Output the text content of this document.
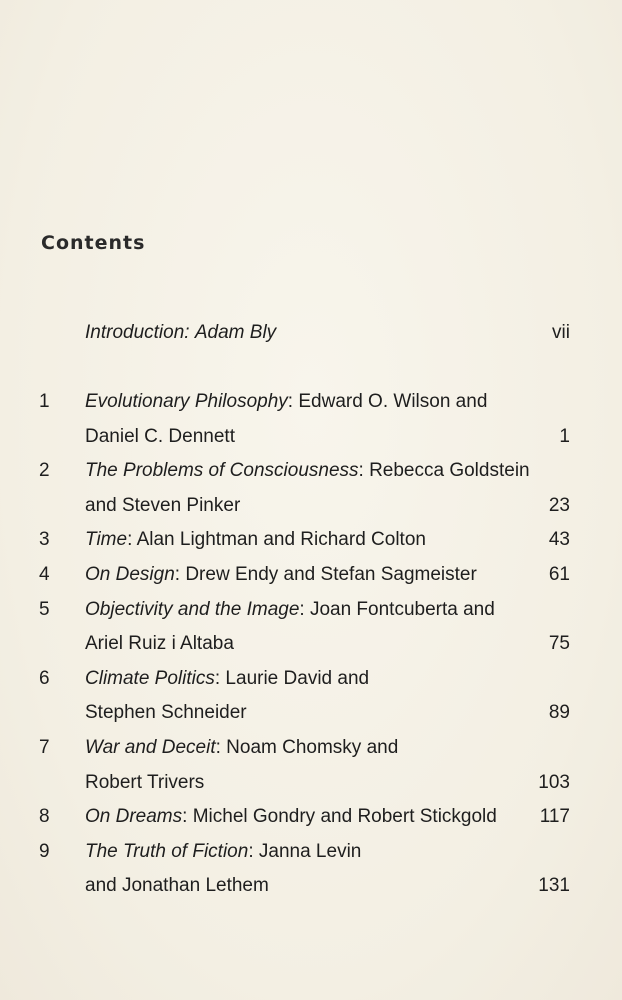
Contents
Introduction: Adam Bly	vii
1 Evolutionary Philosophy: Edward O. Wilson and
Daniel C. Dennett	1
2 The Problems of Consciousness: Rebecca Goldstein
and Steven Pinker	23
3 Time: Alan Lightman and Richard Colton	43
4 On Design: Drew Endy and Stefan Sagmeister	61
5 Objectivity and the Image: Joan Fontcuberta and
Ariel Ruiz i Altaba	75
6 Climate Politics: Laurie David and
Stephen Schneider	89
7 War and Deceit: Noam Chomsky and
Robert Trivers	103
8 On Dreams: Michel Gondry and Robert Stickgold 117
9 The Truth of Fiction: Janna Levin
and Jonathan Lethem	131
